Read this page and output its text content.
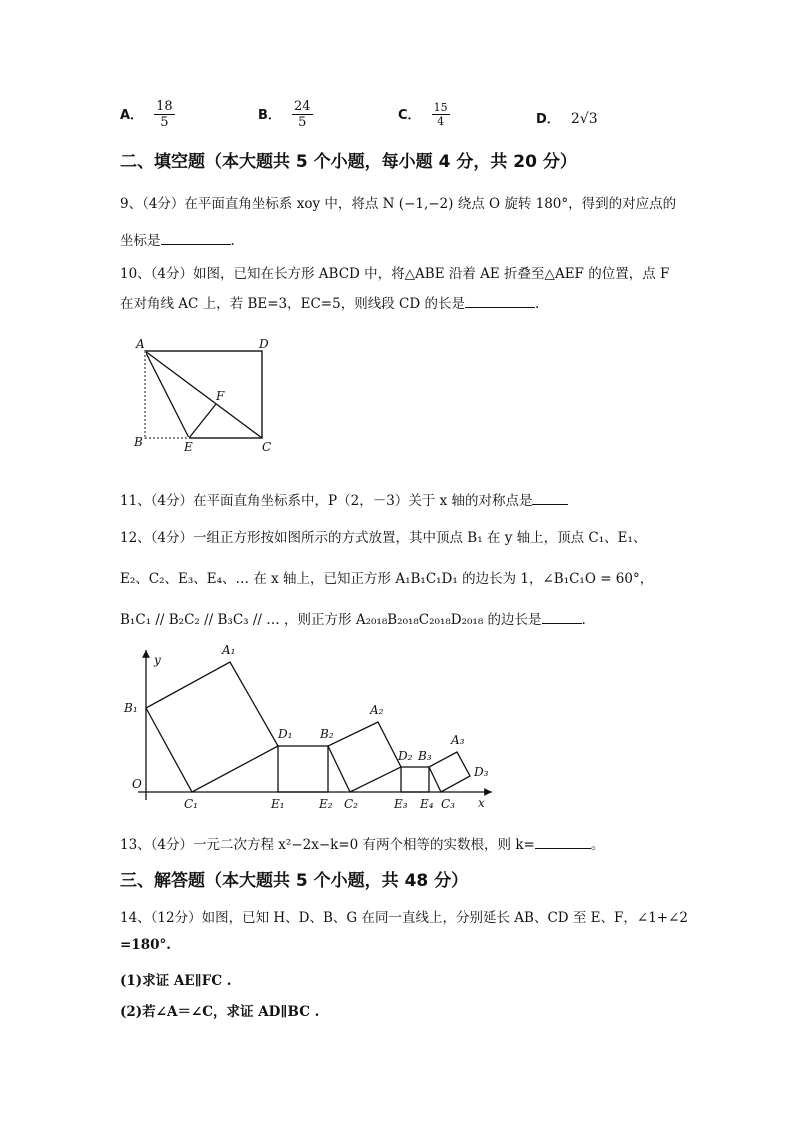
A． $\frac{18}{5}$	B． $\frac{24}{5}$	C． $\frac{15}{4}$	D． 2√3
二、填空题（本大题共 5 个小题，每小题 4 分，共 20 分）
9、（4分）在平面直角坐标系 xoy 中，将点 N (−1,−2) 绕点 O 旋转 180°，得到的对应点的
坐标是	.
10、（4分）如图，已知在长方形 ABCD 中，将△ABE 沿着 AE 折叠至△AEF 的位置，点 F
在对角线 AC 上，若 BE=3，EC=5，则线段 CD 的长是	.
A	D
F
B	E	C
11、（4分）在平面直角坐标系中，P（2，－3）关于 x 轴的对称点是
12、（4分）一组正方形按如图所示的方式放置，其中顶点 B₁ 在 y 轴上，顶点 C₁、E₁、
E₂、C₂、E₃、E₄、… 在 x 轴上，已知正方形 A₁B₁C₁D₁ 的边长为 1，∠B₁C₁O = 60°，
B₁C₁ // B₂C₂ // B₃C₃ // … ，则正方形 A₂₀₁₈B₂₀₁₈C₂₀₁₈D₂₀₁₈ 的边长是	.
y
x
O
A₁
B₁
C₁
D₁
E₁
B₂
E₂ C₂
A₂
D₂ B₃
E₃ E₄ C₃
A₃
D₃
13、（4分）一元二次方程 x²−2x−k=0 有两个相等的实数根，则 k=	。
三、解答题（本大题共 5 个小题，共 48 分）
14、（12分）如图，已知 H、D、B、G 在同一直线上，分别延长 AB、CD 至 E、F，∠1+∠2
=180°.
(1)求证 AE∥FC .
(2)若∠A＝∠C，求证 AD∥BC .
